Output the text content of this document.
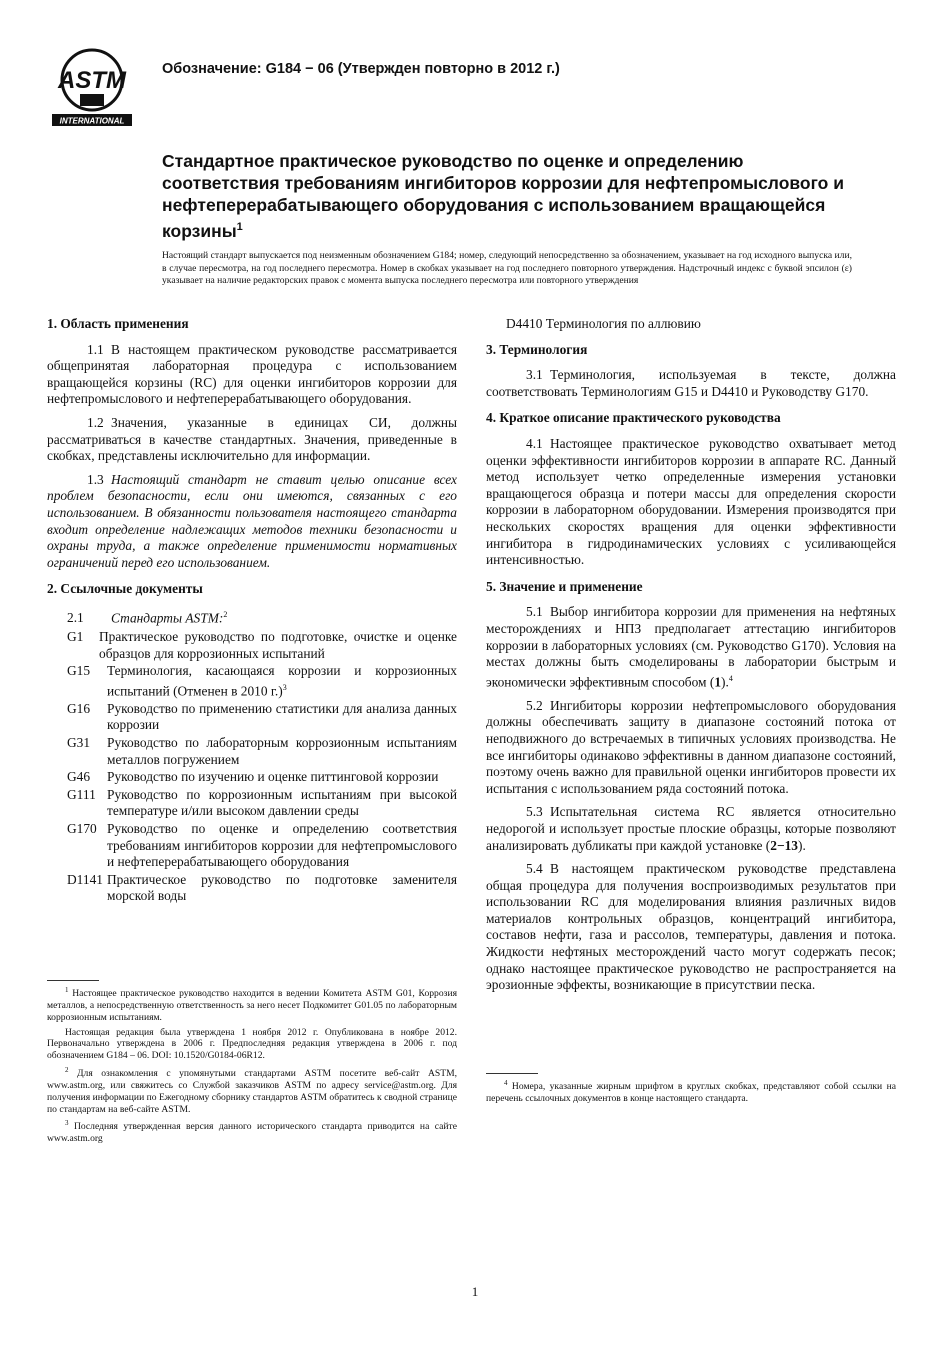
ASTM
INTERNATIONAL
Обозначение: G184 − 06 (Утвержден повторно в 2012 г.)
Стандартное практическое руководство по оценке и определению соответствия требованиям ингибиторов коррозии для нефтепромыслового и нефтеперерабатывающего оборудования с использованием вращающейся корзины$^1$
Настоящий стандарт выпускается под неизменным обозначением G184; номер, следующий непосредственно за обозначением, указывает на год исходного выпуска или, в случае пересмотра, на год последнего пересмотра. Номер в скобках указывает на год последнего повторного утверждения. Надстрочный индекс с буквой эпсилон (ε) указывает на наличие редакторских правок с момента выпуска последнего пересмотра или повторного утверждения
1. Область применения

1.1 В настоящем практическом руководстве рассматривается общепринятая лабораторная процедура с использованием вращающейся корзины (RC) для оценки ингибиторов коррозии для нефтепромыслового и нефтеперерабатывающего оборудования.

1.2 Значения, указанные в единицах СИ, должны рассматриваться в качестве стандартных. Значения, приведенные в скобках, представлены исключительно для информации.

1.3 Настоящий стандарт не ставит целью описание всех проблем безопасности, если они имеются, связанных с его использованием. В обязанности пользователя настоящего стандарта входит определение надлежащих методов техники безопасности и охраны труда, а также определение применимости нормативных ограничений перед его использованием.

2. Ссылочные документы
2.1 Стандарты ASTM:$^2$
G1	Практическое руководство по подготовке, очистке и оценке образцов для коррозионных испытаний
G15	Терминология, касающаяся коррозии и коррозионных испытаний (Отменен в 2010 г.)$^3$
G16	Руководство по применению статистики для анализа данных коррозии
G31	Руководство по лабораторным коррозионным испытаниям металлов погружением
G46	Руководство по изучению и оценке питтинговой коррозии
G111 Руководство по коррозионным испытаниям при высокой температуре и/или высоком давлении среды
G170 Руководство по оценке и определению соответствия требованиям ингибиторов коррозии для нефтепромыслового и нефтеперерабатывающего оборудования
D1141 Практическое руководство по подготовке заменителя морской воды

$^1$ Настоящее практическое руководство находится в ведении Комитета ASTM G01, Коррозия металлов, а непосредственную ответственность за него несет Подкомитет G01.05 по лабораторным коррозионным испытаниям.

Настоящая редакция была утверждена 1 ноября 2012 г. Опубликована в ноябре 2012. Первоначально утверждена в 2006 г. Предпоследняя редакция утверждена в 2006 г. под обозначением G184 – 06. DOI: 10.1520/G0184-06R12.

$^2$ Для ознакомления с упомянутыми стандартами ASTM посетите веб-сайт ASTM, www.astm.org, или свяжитесь со Службой заказчиков ASTM по адресу service@astm.org. Для получения информации по Ежегодному сборнику стандартов ASTM обратитесь к сводной странице по стандартам на веб-сайте ASTM.

$^3$ Последняя утвержденная версия данного исторического стандарта приводится на сайте www.astm.org

D4410 Терминология по аллювию
3. Терминология

3.1 Терминология, используемая в тексте, должна соответствовать Терминологиям G15 и D4410 и Руководству G170.

4. Краткое описание практического руководства

4.1 Настоящее практическое руководство охватывает метод оценки эффективности ингибиторов коррозии в аппарате RC. Данный метод использует четко определенные измерения установки вращающегося образца и потери массы для определения скорости коррозии в лабораторном оборудовании. Измерения производятся при нескольких скоростях вращения для оценки эффективности ингибитора в гидродинамических условиях с усиливающейся интенсивностью.

5. Значение и применение

5.1 Выбор ингибитора коррозии для применения на нефтяных месторождениях и НПЗ предполагает аттестацию ингибиторов коррозии в лабораторных условиях (см. Руководство G170). Условия на местах должны быть смоделированы в лаборатории быстрым и экономически эффективным способом (1).$^4$

5.2 Ингибиторы коррозии нефтепромыслового оборудования должны обеспечивать защиту в диапазоне состояний потока от неподвижного до встречаемых в типичных условиях производства. Не все ингибиторы одинаково эффективны в данном диапазоне состояний, поэтому очень важно для правильной оценки ингибиторов провести их испытания с использованием ряда состояний потока.

5.3 Испытательная система RC является относительно недорогой и использует простые плоские образцы, которые позволяют анализировать дубликаты при каждой установке (2−13).

5.4 В настоящем практическом руководстве представлена общая процедура для получения воспроизводимых результатов при использовании RC для моделирования влияния различных видов материалов контрольных образцов, концентраций ингибитора, составов нефти, газа и рассолов, температуры, давления и потока. Жидкости нефтяных месторождений часто могут содержать песок; однако настоящее практическое руководство не распространяется на эрозионные эффекты, возникающие в присутствии песка.

$^4$ Номера, указанные жирным шрифтом в круглых скобках, представляют собой ссылки на перечень ссылочных документов в конце настоящего стандарта.

1
